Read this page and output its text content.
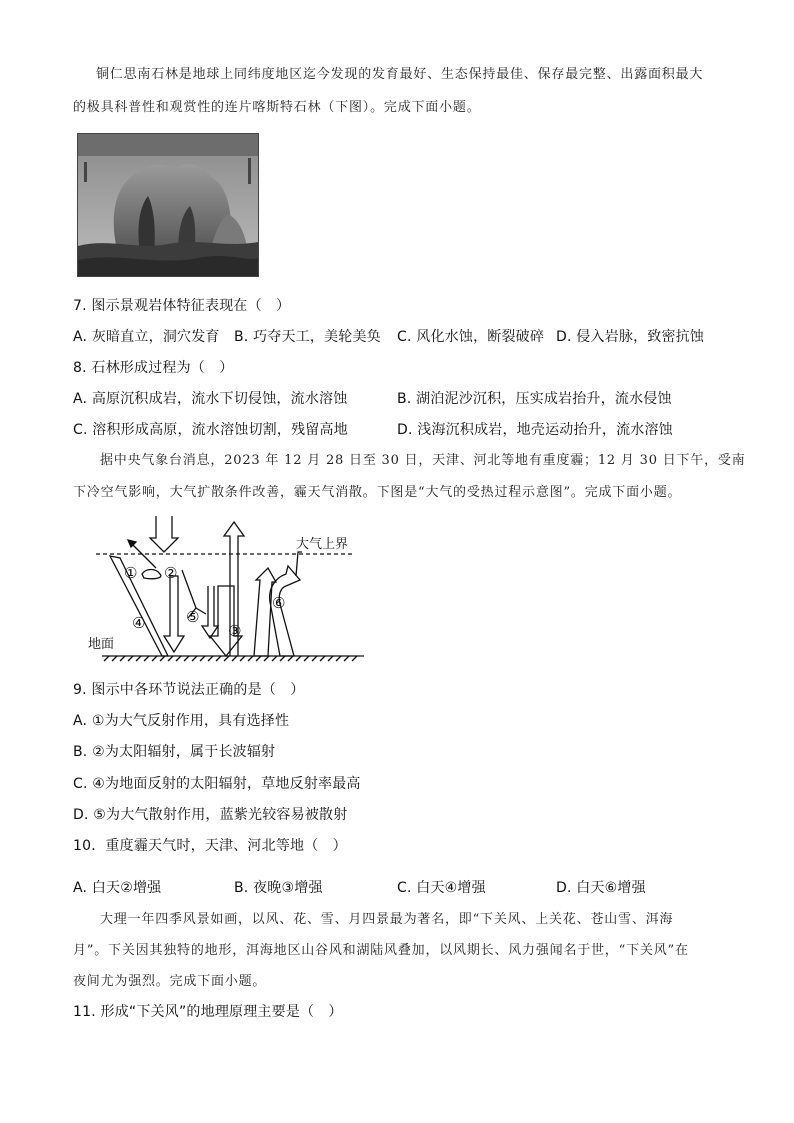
铜仁思南石林是地球上同纬度地区迄今发现的发育最好、生态保持最佳、保存最完整、出露面积最大
的极具科普性和观赏性的连片喀斯特石林（下图）。完成下面小题。
7. 图示景观岩体特征表现在（　）
A. 灰暗直立，洞穴发育 B. 巧夺天工，美轮美奂 C. 风化水蚀，断裂破碎 D. 侵入岩脉，致密抗蚀
8. 石林形成过程为（　）
A. 高原沉积成岩，流水下切侵蚀，流水溶蚀	B. 湖泊泥沙沉积，压实成岩抬升，流水侵蚀
C. 溶积形成高原，流水溶蚀切割，残留高地	D. 浅海沉积成岩，地壳运动抬升，流水溶蚀
据中央气象台消息，2023 年 12 月 28 日至 30 日，天津、河北等地有重度霾；12 月 30 日下午，受南
下冷空气影响，大气扩散条件改善，霾天气消散。下图是“大气的受热过程示意图”。完成下面小题。
大气上界
地面
① ②
③
④	⑤
⑥
9. 图示中各环节说法正确的是（　）
A. ①为大气反射作用，具有选择性
B. ②为太阳辐射，属于长波辐射
C. ④为地面反射的太阳辐射，草地反射率最高
D. ⑤为大气散射作用，蓝紫光较容易被散射
10．重度霾天气时，天津、河北等地（　）
A. 白天②增强	B. 夜晚③增强	C. 白天④增强	D. 白天⑥增强
大理一年四季风景如画，以风、花、雪、月四景最为著名，即“下关风、上关花、苍山雪、洱海
月”。下关因其独特的地形，洱海地区山谷风和湖陆风叠加，以风期长、风力强闻名于世，“下关风”在
夜间尤为强烈。完成下面小题。
11. 形成“下关风”的地理原理主要是（　）
